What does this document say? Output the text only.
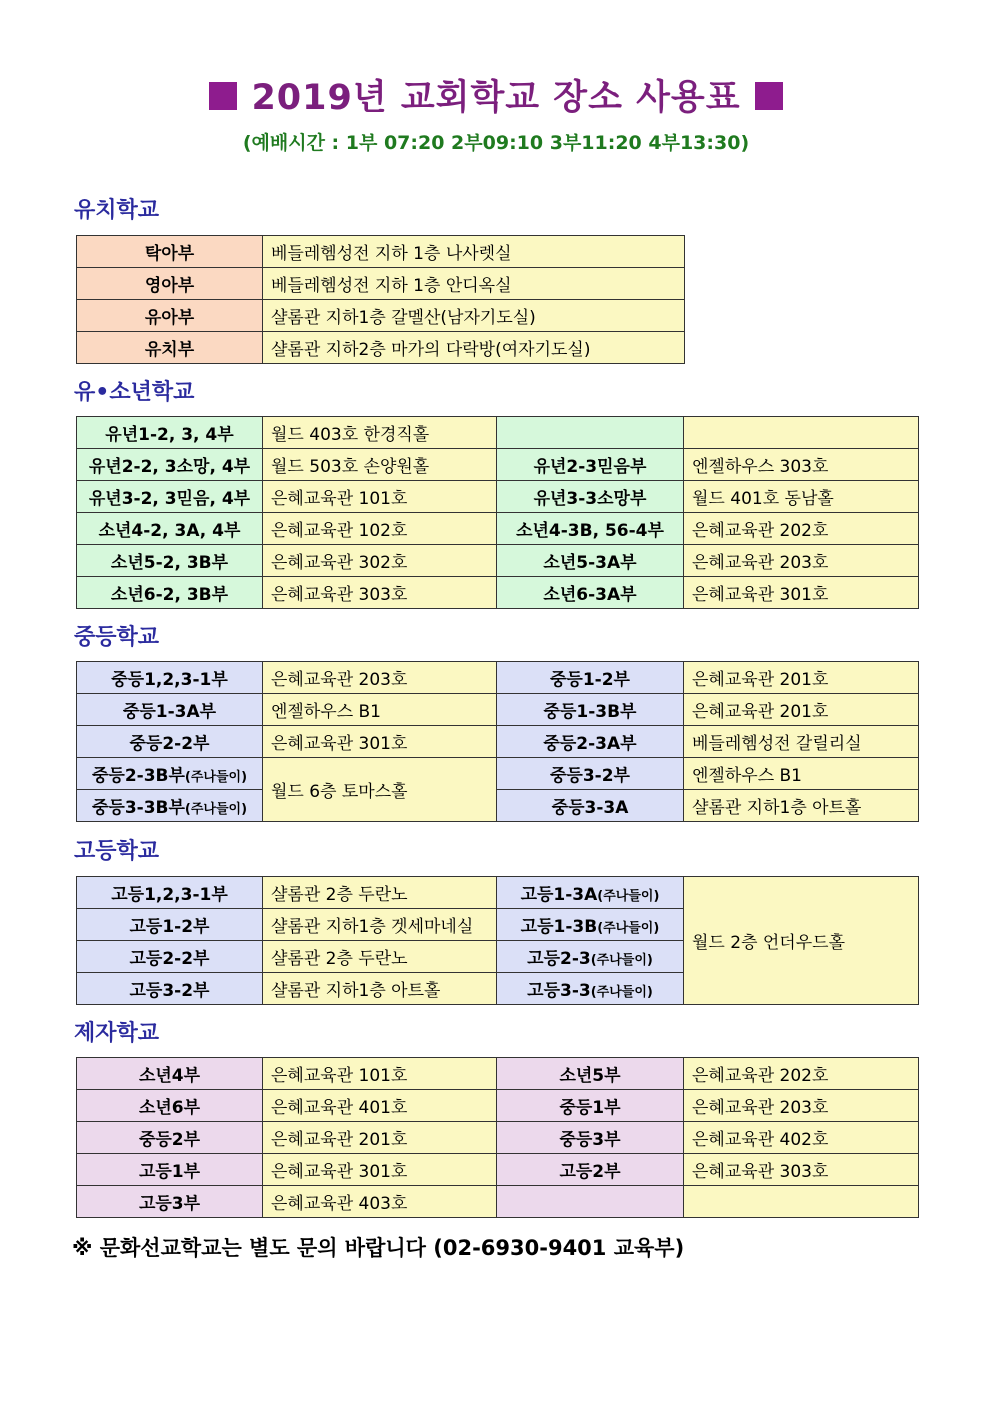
2019년 교회학교 장소 사용표
(예배시간 : 1부 07:20 2부09:10 3부11:20 4부13:30)
유치학교
탁아부	베들레헴성전 지하 1층 나사렛실
영아부	베들레헴성전 지하 1층 안디옥실
유아부	샬롬관 지하1층 갈멜산(남자기도실)
유치부	샬롬관 지하2층 마가의 다락방(여자기도실)
유•소년학교
유년1-2, 3, 4부	월드 403호 한경직홀		
유년2-2, 3소망, 4부	월드 503호 손양원홀	유년2-3믿음부	엔젤하우스 303호
유년3-2, 3믿음, 4부	은혜교육관 101호	유년3-3소망부	월드 401호 동남홀
소년4-2, 3A, 4부	은혜교육관 102호	소년4-3B, 56-4부	은혜교육관 202호
소년5-2, 3B부	은혜교육관 302호	소년5-3A부	은혜교육관 203호
소년6-2, 3B부	은혜교육관 303호	소년6-3A부	은혜교육관 301호
중등학교
중등1,2,3-1부	은혜교육관 203호	중등1-2부	은혜교육관 201호
중등1-3A부	엔젤하우스 B1	중등1-3B부	은혜교육관 201호
중등2-2부	은혜교육관 301호	중등2-3A부	베들레헴성전 갈릴리실
중등2-3B부(주나들이)	월드 6층 토마스홀	중등3-2부	엔젤하우스 B1
중등3-3B부(주나들이)		중등3-3A	샬롬관 지하1층 아트홀
고등학교
고등1,2,3-1부	샬롬관 2층 두란노	고등1-3A(주나들이)	월드 2층 언더우드홀
고등1-2부	샬롬관 지하1층 겟세마네실	고등1-3B(주나들이)	
고등2-2부	샬롬관 2층 두란노	고등2-3(주나들이)	
고등3-2부	샬롬관 지하1층 아트홀	고등3-3(주나들이)	
제자학교
소년4부	은혜교육관 101호	소년5부	은혜교육관 202호
소년6부	은혜교육관 401호	중등1부	은혜교육관 203호
중등2부	은혜교육관 201호	중등3부	은혜교육관 402호
고등1부	은혜교육관 301호	고등2부	은혜교육관 303호
고등3부	은혜교육관 403호		
※ 문화선교학교는 별도 문의 바랍니다 (02-6930-9401 교육부)
